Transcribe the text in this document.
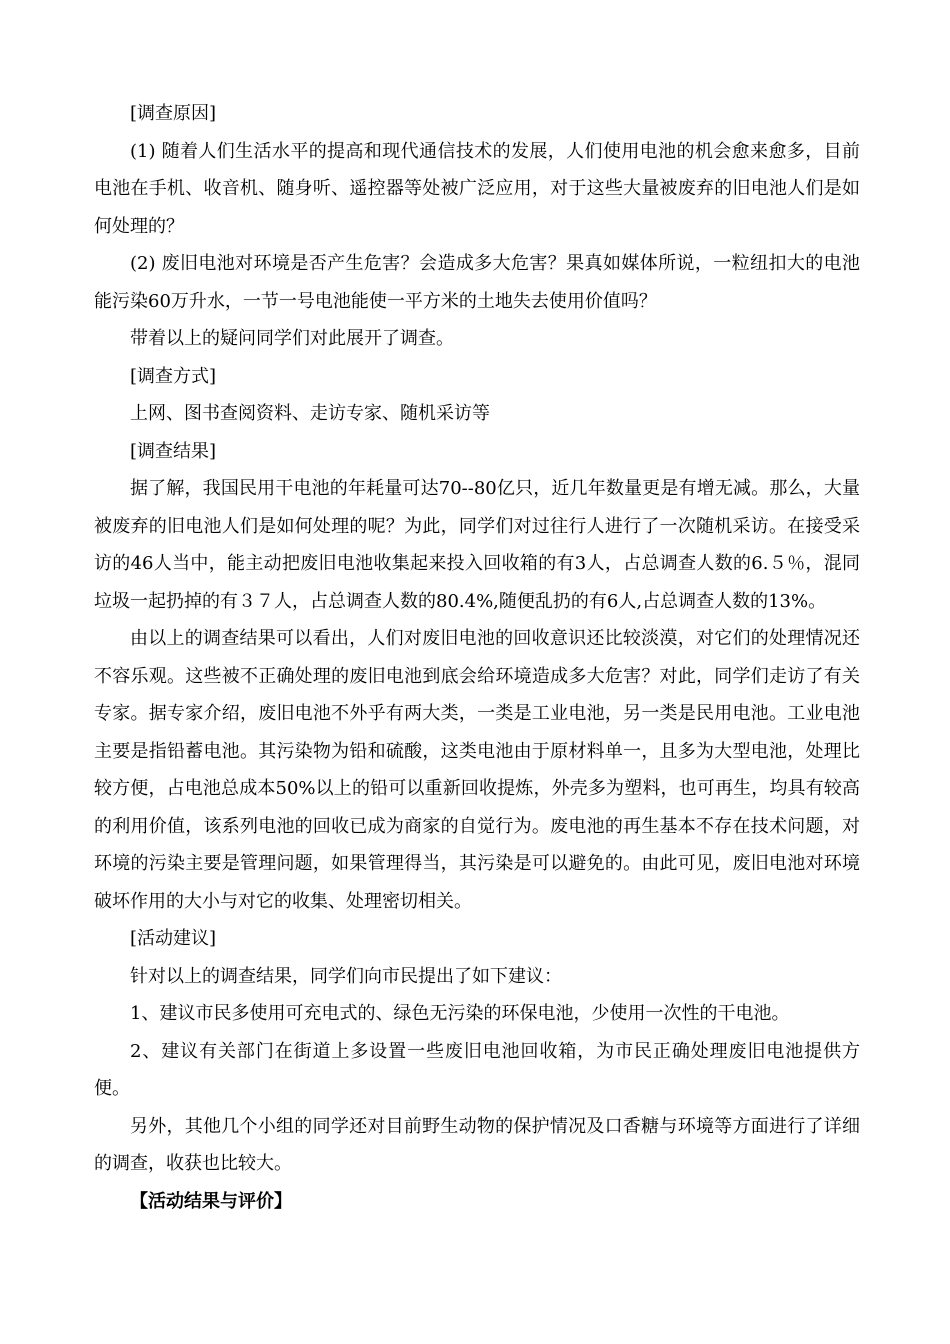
[调查原因]

(1) 随着人们生活水平的提高和现代通信技术的发展，人们使用电池的机会愈来愈多，目前电池在手机、收音机、随身听、遥控器等处被广泛应用，对于这些大量被废弃的旧电池人们是如何处理的？

(2) 废旧电池对环境是否产生危害？会造成多大危害？果真如媒体所说，一粒纽扣大的电池能污染60万升水，一节一号电池能使一平方米的土地失去使用价值吗？

带着以上的疑问同学们对此展开了调查。

[调查方式]

上网、图书查阅资料、走访专家、随机采访等

[调查结果]

据了解，我国民用干电池的年耗量可达70--80亿只，近几年数量更是有增无减。那么，大量被废弃的旧电池人们是如何处理的呢？为此，同学们对过往行人进行了一次随机采访。在接受采访的46人当中，能主动把废旧电池收集起来投入回收箱的有3人，占总调查人数的6.５％，混同垃圾一起扔掉的有３７人，占总调查人数的80.4%,随便乱扔的有6人,占总调查人数的13%。

由以上的调查结果可以看出，人们对废旧电池的回收意识还比较淡漠，对它们的处理情况还不容乐观。这些被不正确处理的废旧电池到底会给环境造成多大危害？对此，同学们走访了有关专家。据专家介绍，废旧电池不外乎有两大类，一类是工业电池，另一类是民用电池。工业电池主要是指铅蓄电池。其污染物为铅和硫酸，这类电池由于原材料单一，且多为大型电池，处理比较方便，占电池总成本50%以上的铅可以重新回收提炼，外壳多为塑料，也可再生，均具有较高的利用价值，该系列电池的回收已成为商家的自觉行为。废电池的再生基本不存在技术问题，对环境的污染主要是管理问题，如果管理得当，其污染是可以避免的。由此可见，废旧电池对环境破坏作用的大小与对它的收集、处理密切相关。

[活动建议]

针对以上的调查结果，同学们向市民提出了如下建议：

1、建议市民多使用可充电式的、绿色无污染的环保电池，少使用一次性的干电池。

2、建议有关部门在街道上多设置一些废旧电池回收箱，为市民正确处理废旧电池提供方便。

另外，其他几个小组的同学还对目前野生动物的保护情况及口香糖与环境等方面进行了详细的调查，收获也比较大。

【活动结果与评价】
